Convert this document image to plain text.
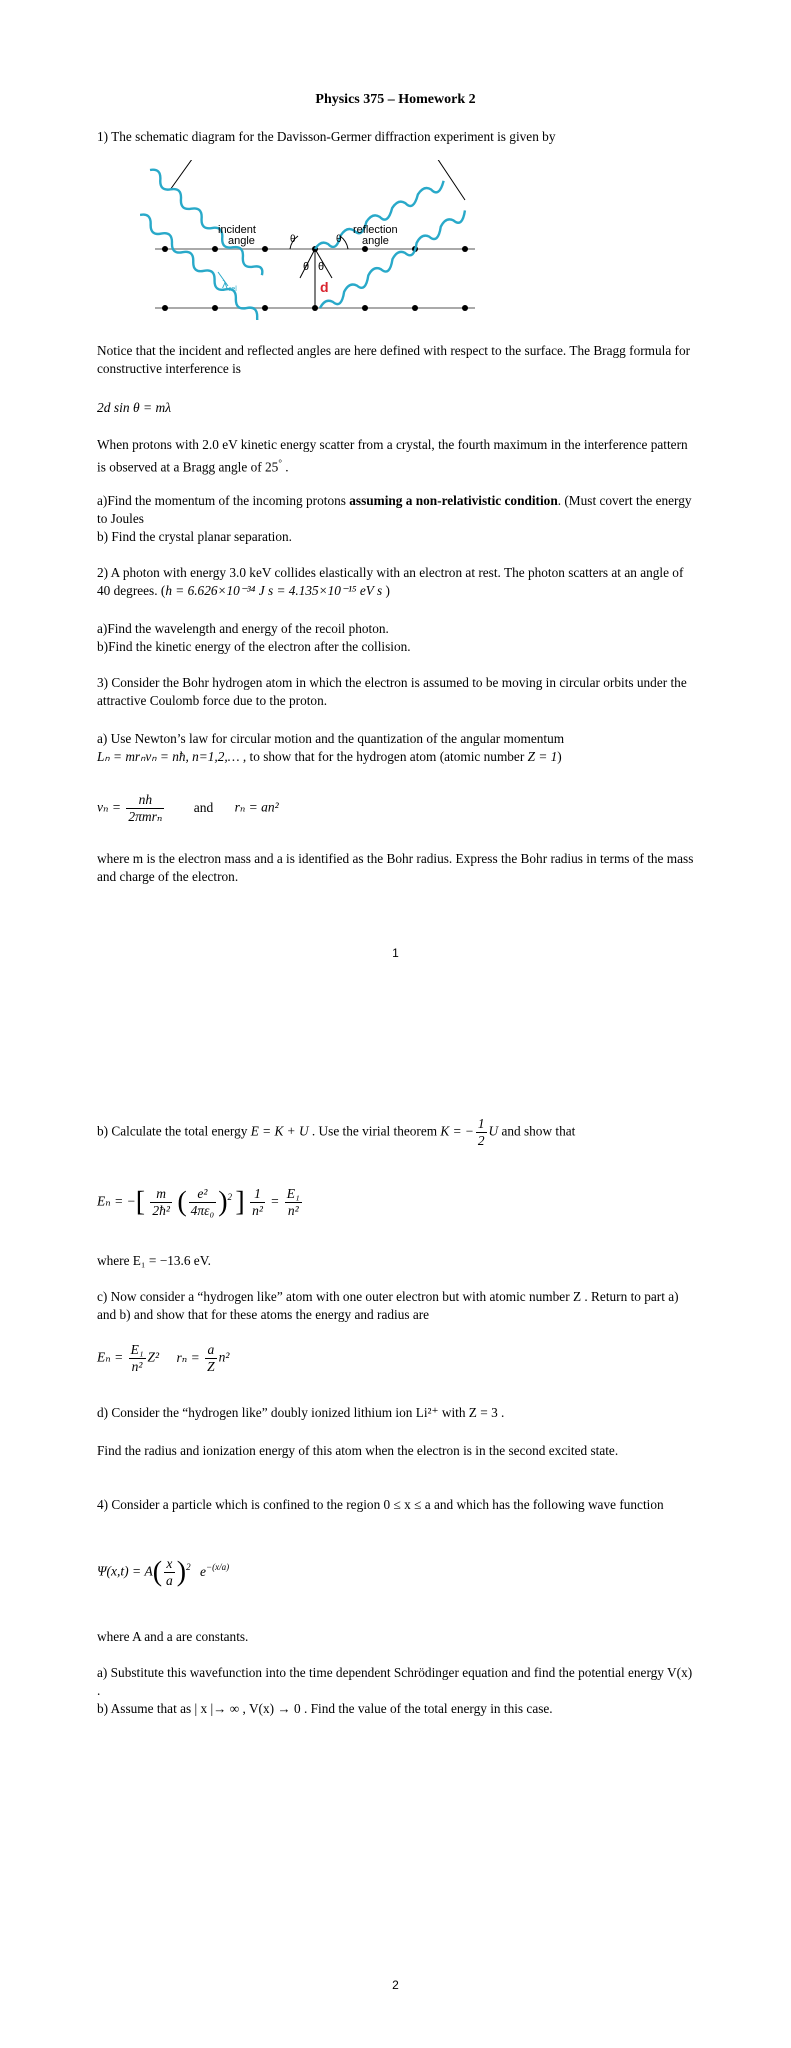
Physics 375 – Homework 2
1) The schematic diagram for the Davisson-Germer diffraction experiment is given by
incident
angle
reflection
angle
θ	θ
θ θ
d
λ rel
Notice that the incident and reflected angles are here defined with respect to the surface. The Bragg formula for constructive interference is
2d sin θ = mλ
When protons with 2.0 eV kinetic energy scatter from a crystal, the fourth maximum in the interference pattern is observed at a Bragg angle of 25° .
a)Find the momentum of the incoming protons assuming a non-relativistic condition. (Must covert the energy to Joules
b) Find the crystal planar separation.
2) A photon with energy 3.0 keV collides elastically with an electron at rest. The photon scatters at an angle of 40 degrees. (h = 6.626×10⁻³⁴ J s = 4.135×10⁻¹⁵ eV s )
a)Find the wavelength and energy of the recoil photon.
b)Find the kinetic energy of the electron after the collision.
3) Consider the Bohr hydrogen atom in which the electron is assumed to be moving in circular orbits under the attractive Coulomb force due to the proton.
a) Use Newton’s law for circular motion and the quantization of the angular momentum
Lₙ = mrₙvₙ = nħ, n=1,2,… , to show that for the hydrogen atom (atomic number Z = 1)
$v_n = \frac{nh}{\text{2πmrₙ}}$ and rₙ = an²
where m is the electron mass and a is identified as the Bohr radius. Express the Bohr radius in terms of the mass and charge of the electron.
1
b) Calculate the total energy E = K + U . Use the virial theorem K = − $\frac{1}{2}$ U and show that
Eₙ = −[ $\frac{m}{\text{2ħ²}}$ ( $\frac{\text{e²}}{\text{4πε₀}} )^2$ ] $\frac{1}{\text{n²}} = \frac{\text{E₁}}{\text{n²}}$
where E₁ = −13.6 eV.
c) Now consider a “hydrogen like” atom with one outer electron but with atomic number Z . Return to part a) and b) and show that for these atoms the energy and radius are
$E_n = \frac{\text{E₁}}{\text{n²}} Z^2$ $r_n = \frac{a}{Z} n^2$
d) Consider the “hydrogen like” doubly ionized lithium ion Li²⁺ with Z = 3 .
Find the radius and ionization energy of this atom when the electron is in the second excited state.
4) Consider a particle which is confined to the region 0 ≤ x ≤ a and which has the following wave function
$\Psi(x,t) = A( \frac{x}{a} )^2$ $e^{-(x/a)}$
where A and a are constants.
a) Substitute this wavefunction into the time dependent Schrödinger equation and find the potential energy V(x) .
b) Assume that as | x |→ ∞ , V(x) → 0 . Find the value of the total energy in this case.
2
